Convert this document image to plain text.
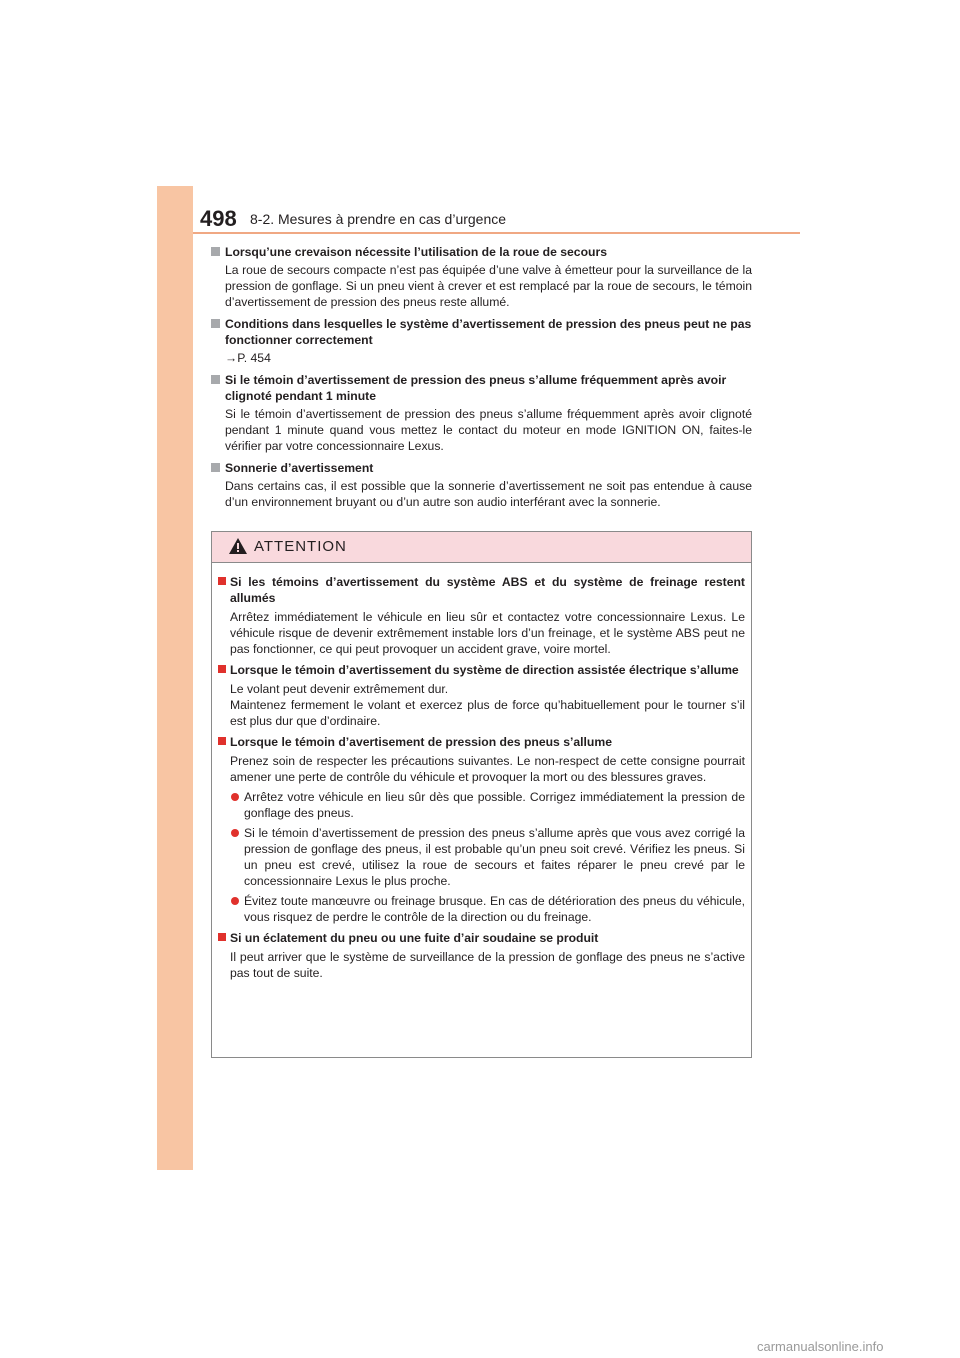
498 8-2. Mesures à prendre en cas d’urgence
Lorsqu’une crevaison nécessite l’utilisation de la roue de secours
La roue de secours compacte n’est pas équipée d’une valve à émetteur pour la surveillance de la pression de gonflage. Si un pneu vient à crever et est remplacé par la roue de secours, le témoin d’avertissement de pression des pneus reste allumé.
Conditions dans lesquelles le système d’avertissement de pression des pneus peut ne pas fonctionner correctement
→P. 454
Si le témoin d’avertissement de pression des pneus s’allume fréquemment après avoir clignoté pendant 1 minute
Si le témoin d’avertissement de pression des pneus s’allume fréquemment après avoir clignoté pendant 1 minute quand vous mettez le contact du moteur en mode IGNITION ON, faites-le vérifier par votre concessionnaire Lexus.
Sonnerie d’avertissement
Dans certains cas, il est possible que la sonnerie d’avertissement ne soit pas entendue à cause d’un environnement bruyant ou d’un autre son audio interférant avec la sonnerie.
ATTENTION
Si les témoins d’avertissement du système ABS et du système de freinage restent allumés
Arrêtez immédiatement le véhicule en lieu sûr et contactez votre concessionnaire Lexus. Le véhicule risque de devenir extrêmement instable lors d’un freinage, et le système ABS peut ne pas fonctionner, ce qui peut provoquer un accident grave, voire mortel.
Lorsque le témoin d’avertissement du système de direction assistée électrique s’allume
Le volant peut devenir extrêmement dur.
Maintenez fermement le volant et exercez plus de force qu’habituellement pour le tourner s’il est plus dur que d’ordinaire.
Lorsque le témoin d’avertisement de pression des pneus s’allume
Prenez soin de respecter les précautions suivantes. Le non-respect de cette consigne pourrait amener une perte de contrôle du véhicule et provoquer la mort ou des blessures graves.
Arrêtez votre véhicule en lieu sûr dès que possible. Corrigez immédiatement la pression de gonflage des pneus.
Si le témoin d’avertissement de pression des pneus s’allume après que vous avez corrigé la pression de gonflage des pneus, il est probable qu’un pneu soit crevé. Vérifiez les pneus. Si un pneu est crevé, utilisez la roue de secours et faites réparer le pneu crevé par le concessionnaire Lexus le plus proche.
Évitez toute manœuvre ou freinage brusque. En cas de détérioration des pneus du véhicule, vous risquez de perdre le contrôle de la direction ou du freinage.
Si un éclatement du pneu ou une fuite d’air soudaine se produit
Il peut arriver que le système de surveillance de la pression de gonflage des pneus ne s’active pas tout de suite.
carmanualsonline.info
